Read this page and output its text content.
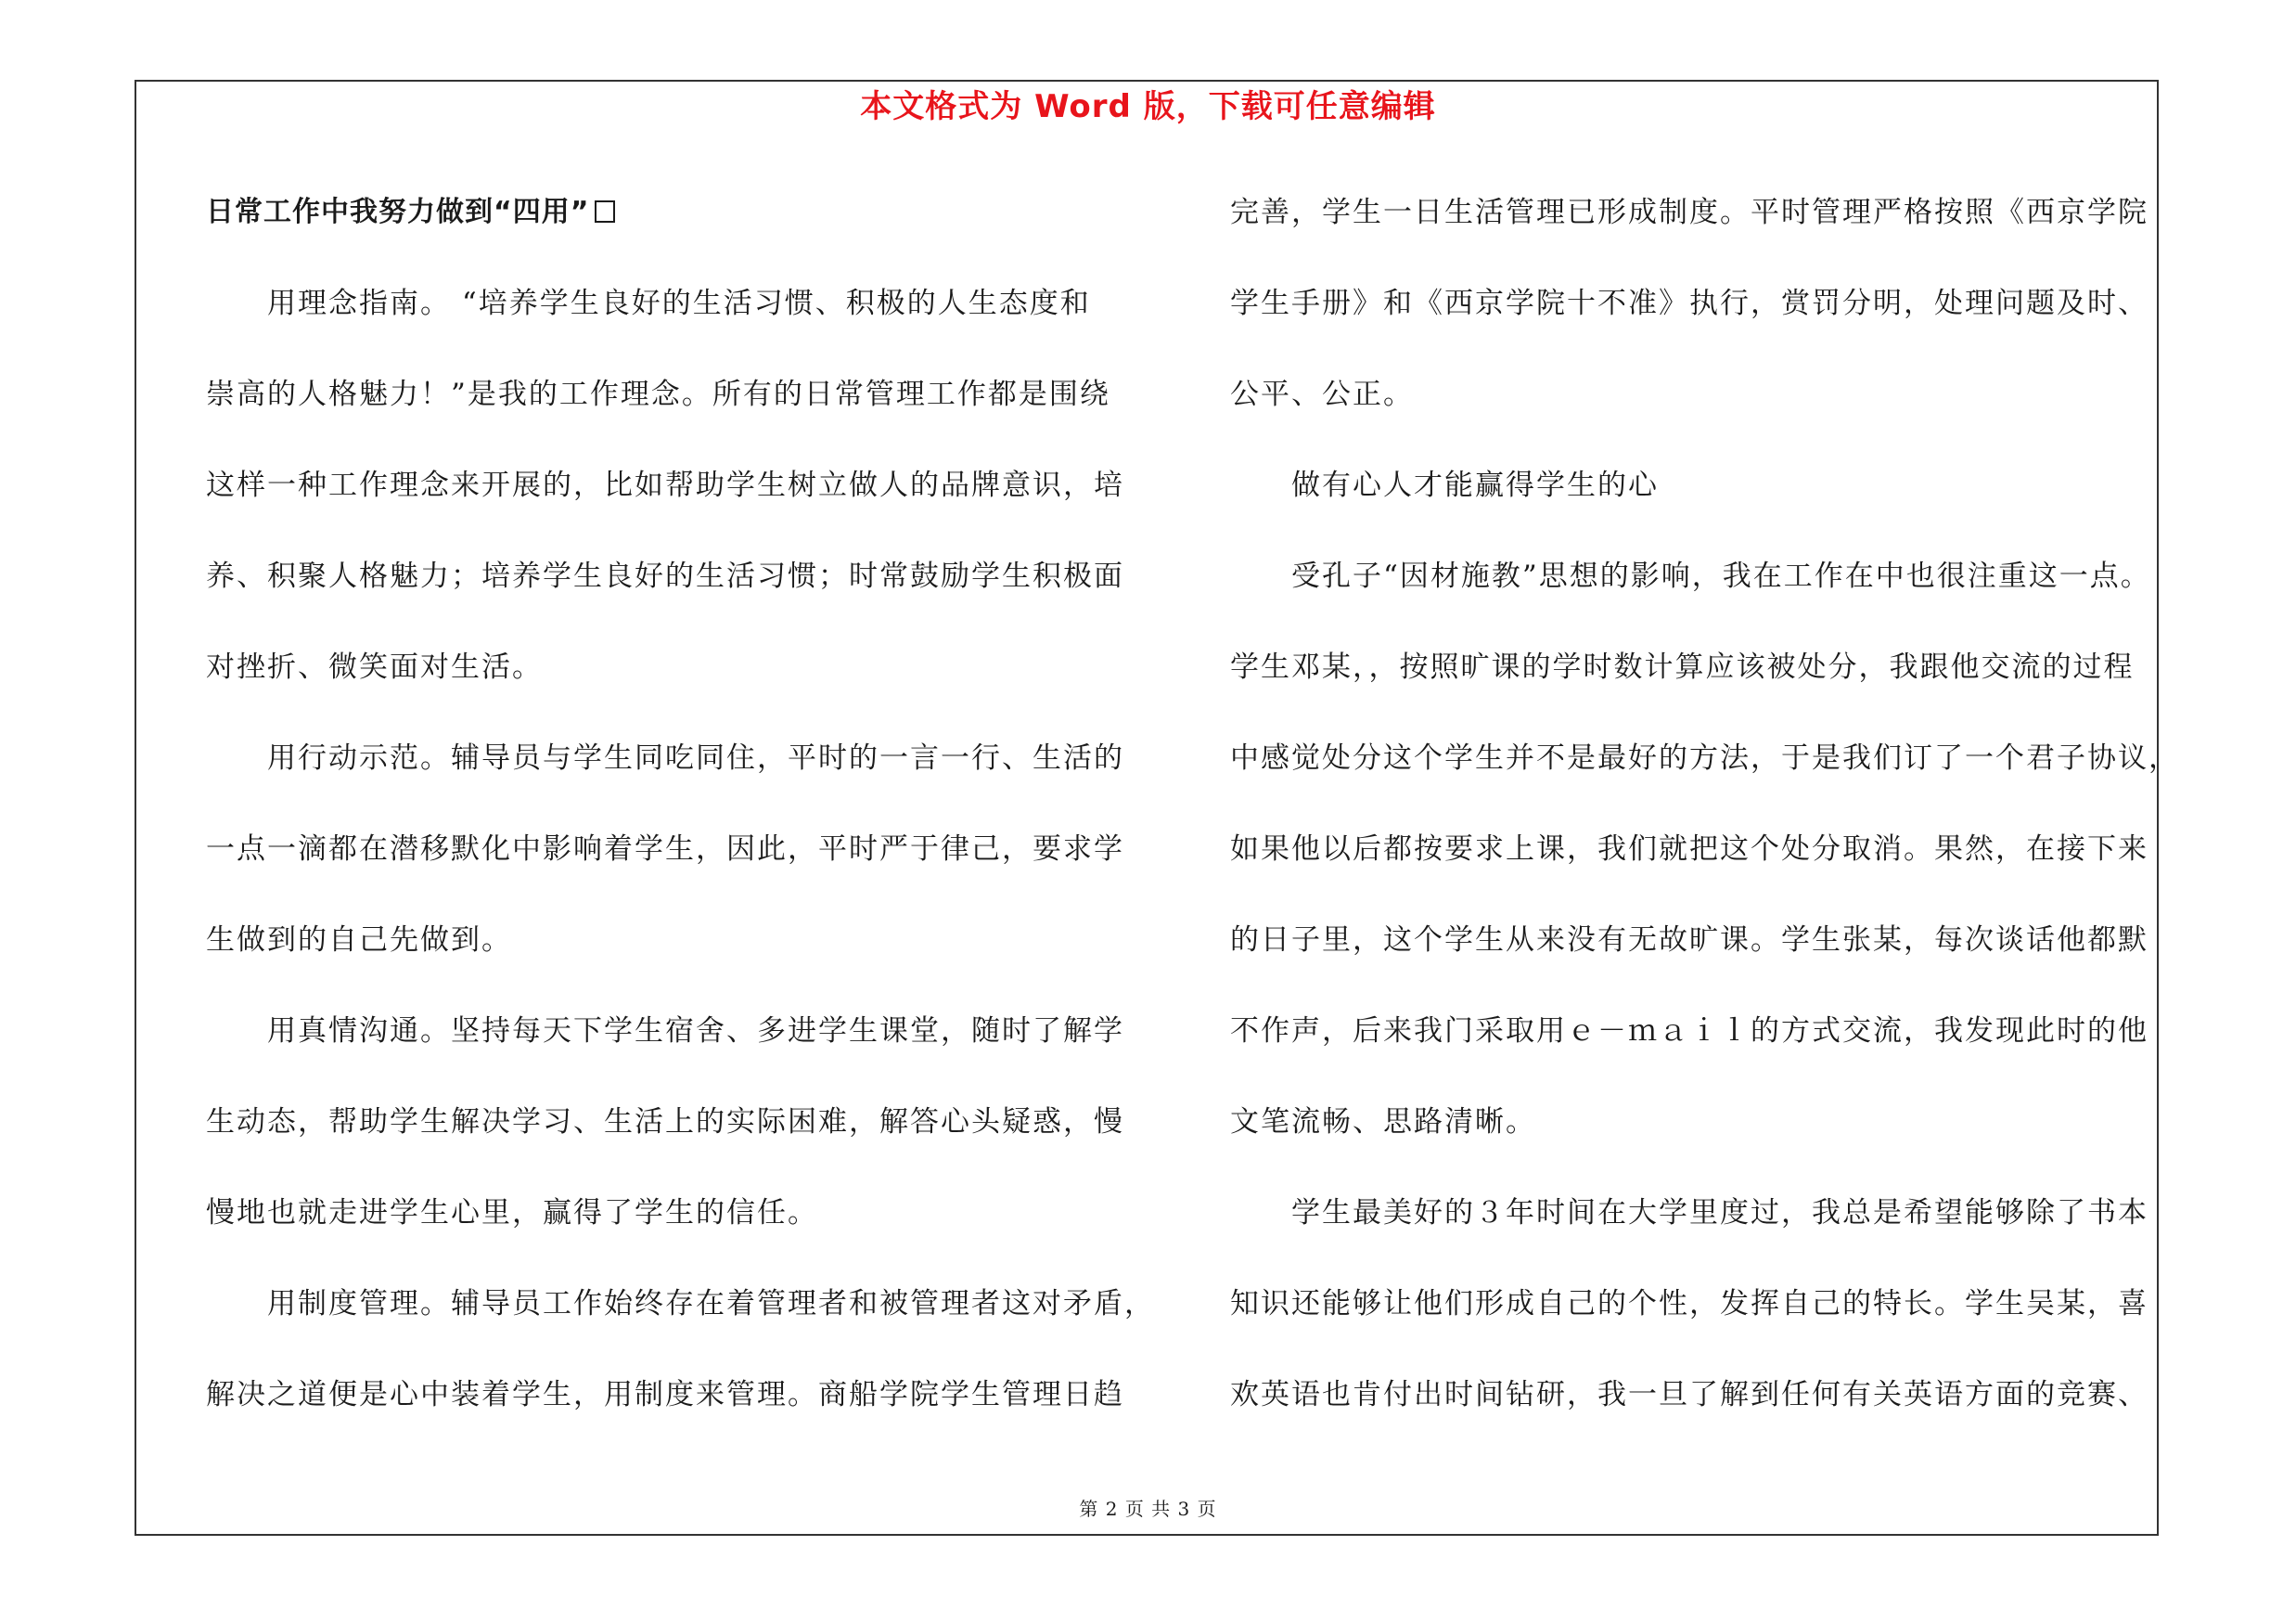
本文格式为 Word 版，下载可任意编辑
日常工作中我努力做到“四用”
用理念指南。 “培养学生良好的生活习惯、积极的人生态度和
崇高的人格魅力！”是我的工作理念。所有的日常管理工作都是围绕
这样一种工作理念来开展的，比如帮助学生树立做人的品牌意识，培
养、积聚人格魅力；培养学生良好的生活习惯；时常鼓励学生积极面
对挫折、微笑面对生活。
用行动示范。辅导员与学生同吃同住，平时的一言一行、生活的
一点一滴都在潜移默化中影响着学生，因此，平时严于律己，要求学
生做到的自己先做到。
用真情沟通。坚持每天下学生宿舍、多进学生课堂，随时了解学
生动态，帮助学生解决学习、生活上的实际困难，解答心头疑惑，慢
慢地也就走进学生心里，赢得了学生的信任。
用制度管理。辅导员工作始终存在着管理者和被管理者这对矛盾，
解决之道便是心中装着学生，用制度来管理。商船学院学生管理日趋
完善，学生一日生活管理已形成制度。平时管理严格按照《西京学院
学生手册》和《西京学院十不准》执行，赏罚分明，处理问题及时、
公平、公正。
做有心人才能赢得学生的心
受孔子“因材施教”思想的影响，我在工作在中也很注重这一点。
学生邓某，，按照旷课的学时数计算应该被处分，我跟他交流的过程
中感觉处分这个学生并不是最好的方法，于是我们订了一个君子协议，
如果他以后都按要求上课，我们就把这个处分取消。果然，在接下来
的日子里，这个学生从来没有无故旷课。学生张某，每次谈话他都默
不作声，后来我门采取用ｅ－ｍａｉｌ的方式交流，我发现此时的他
文笔流畅、思路清晰。
学生最美好的３年时间在大学里度过，我总是希望能够除了书本
知识还能够让他们形成自己的个性，发挥自己的特长。学生吴某，喜
欢英语也肯付出时间钻研，我一旦了解到任何有关英语方面的竞赛、
第 2 页 共 3 页
